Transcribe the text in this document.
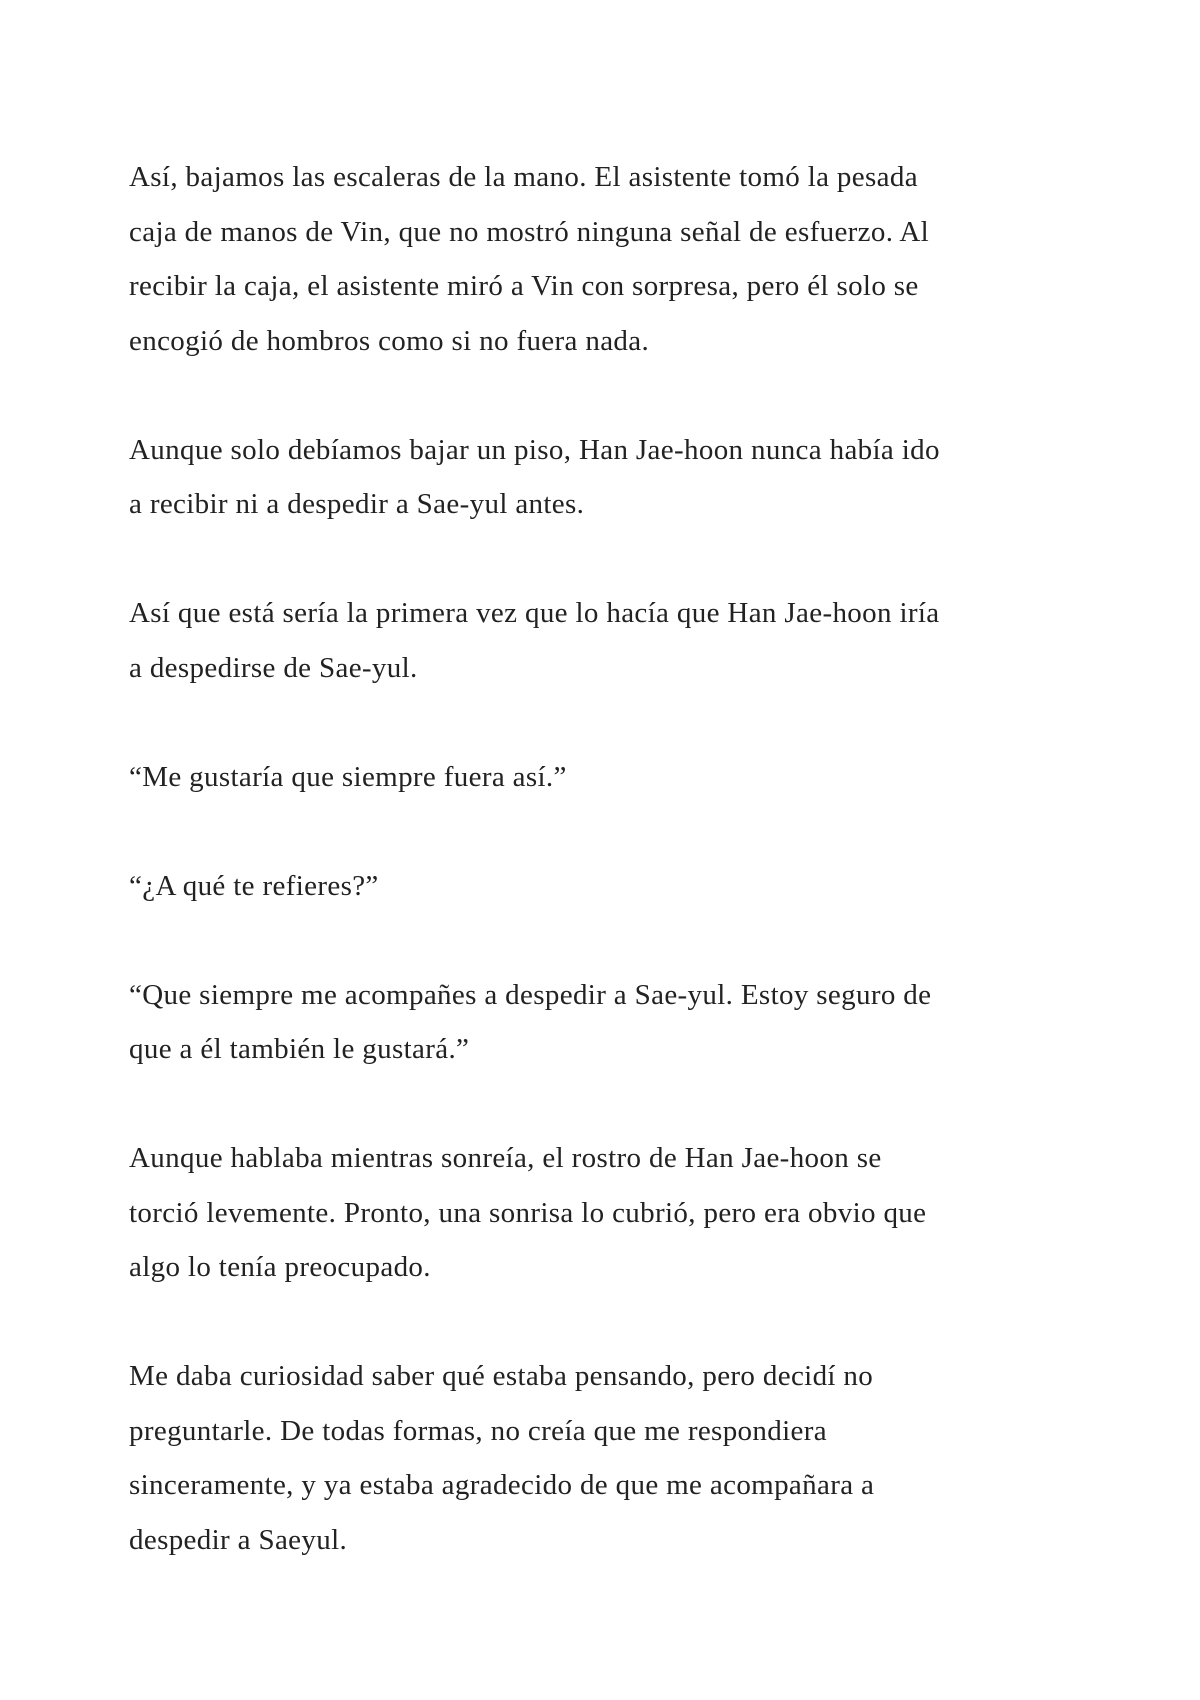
Así, bajamos las escaleras de la mano. El asistente tomó la pesada
caja de manos de Vin, que no mostró ninguna señal de esfuerzo. Al
recibir la caja, el asistente miró a Vin con sorpresa, pero él solo se
encogió de hombros como si no fuera nada.

Aunque solo debíamos bajar un piso, Han Jae-hoon nunca había ido
a recibir ni a despedir a Sae-yul antes.

Así que está sería la primera vez que lo hacía que Han Jae-hoon iría
a despedirse de Sae-yul.

“Me gustaría que siempre fuera así.”

“¿A qué te refieres?”

“Que siempre me acompañes a despedir a Sae-yul. Estoy seguro de
que a él también le gustará.”

Aunque hablaba mientras sonreía, el rostro de Han Jae-hoon se
torció levemente. Pronto, una sonrisa lo cubrió, pero era obvio que
algo lo tenía preocupado.

Me daba curiosidad saber qué estaba pensando, pero decidí no
preguntarle. De todas formas, no creía que me respondiera
sinceramente, y ya estaba agradecido de que me acompañara a
despedir a Saeyul.
